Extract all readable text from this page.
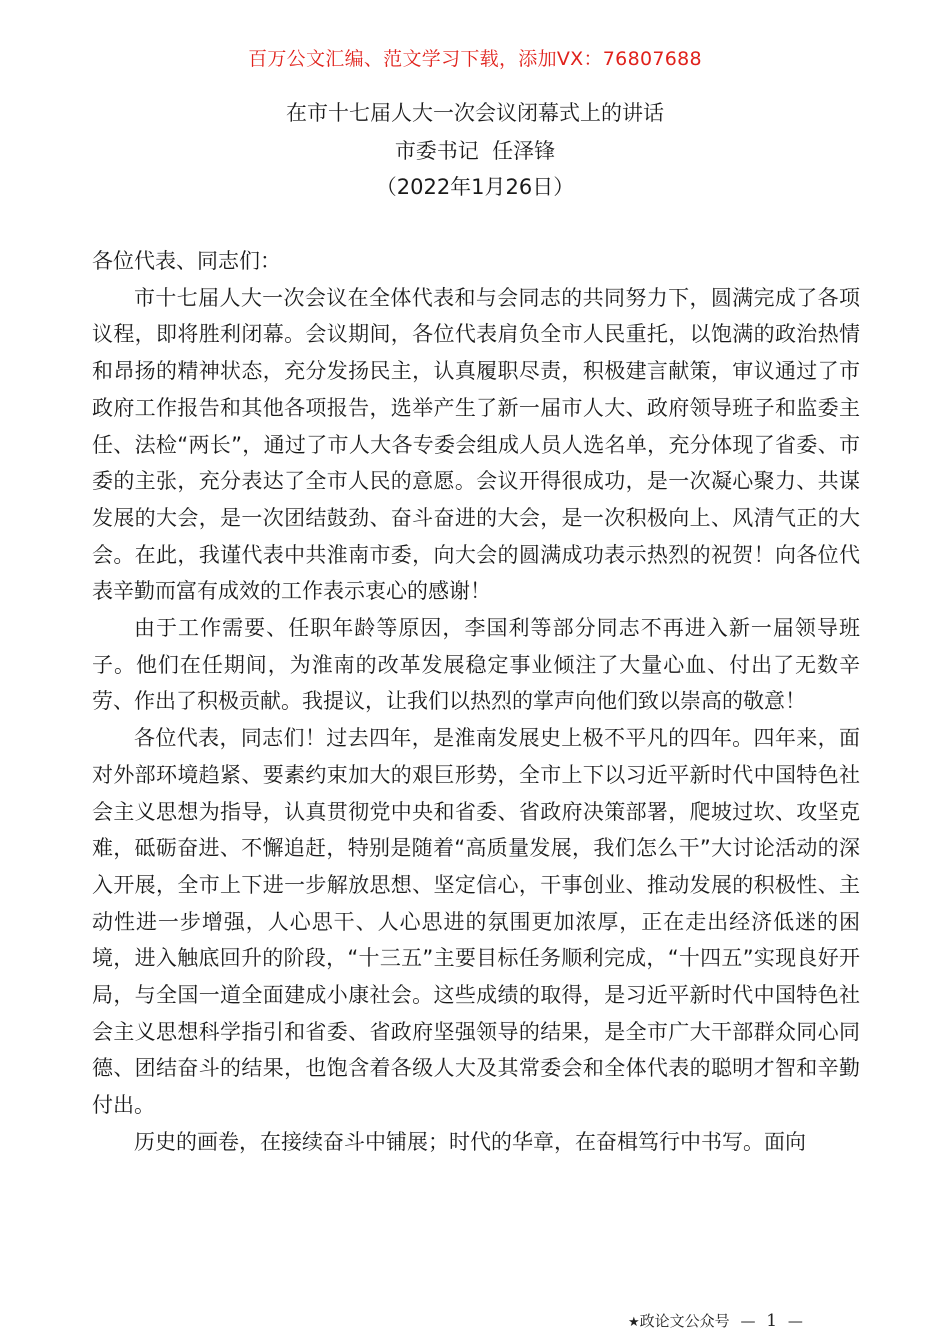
百万公文汇编、范文学习下载，添加VX：76807688
在市十七届人大一次会议闭幕式上的讲话
市委书记  任泽锋
（2022年1月26日）

各位代表、同志们：

市十七届人大一次会议在全体代表和与会同志的共同努力下，圆满完成了各项议程，即将胜利闭幕。会议期间，各位代表肩负全市人民重托，以饱满的政治热情和昂扬的精神状态，充分发扬民主，认真履职尽责，积极建言献策，审议通过了市政府工作报告和其他各项报告，选举产生了新一届市人大、政府领导班子和监委主任、法检“两长”，通过了市人大各专委会组成人员人选名单，充分体现了省委、市委的主张，充分表达了全市人民的意愿。会议开得很成功，是一次凝心聚力、共谋发展的大会，是一次团结鼓劲、奋斗奋进的大会，是一次积极向上、风清气正的大会。在此，我谨代表中共淮南市委，向大会的圆满成功表示热烈的祝贺！向各位代表辛勤而富有成效的工作表示衷心的感谢！

由于工作需要、任职年龄等原因，李国利等部分同志不再进入新一届领导班子。他们在任期间，为淮南的改革发展稳定事业倾注了大量心血、付出了无数辛劳、作出了积极贡献。我提议，让我们以热烈的掌声向他们致以崇高的敬意！

各位代表，同志们！过去四年，是淮南发展史上极不平凡的四年。四年来，面对外部环境趋紧、要素约束加大的艰巨形势，全市上下以习近平新时代中国特色社会主义思想为指导，认真贯彻党中央和省委、省政府决策部署，爬坡过坎、攻坚克难，砥砺奋进、不懈追赶，特别是随着“高质量发展，我们怎么干”大讨论活动的深入开展，全市上下进一步解放思想、坚定信心，干事创业、推动发展的积极性、主动性进一步增强，人心思干、人心思进的氛围更加浓厚，正在走出经济低迷的困境，进入触底回升的阶段，“十三五”主要目标任务顺利完成，“十四五”实现良好开局，与全国一道全面建成小康社会。这些成绩的取得，是习近平新时代中国特色社会主义思想科学指引和省委、省政府坚强领导的结果，是全市广大干部群众同心同德、团结奋斗的结果，也饱含着各级人大及其常委会和全体代表的聪明才智和辛勤付出。

历史的画卷，在接续奋斗中铺展；时代的华章，在奋楫笃行中书写。面向

★政论文公众号 — 1 —
